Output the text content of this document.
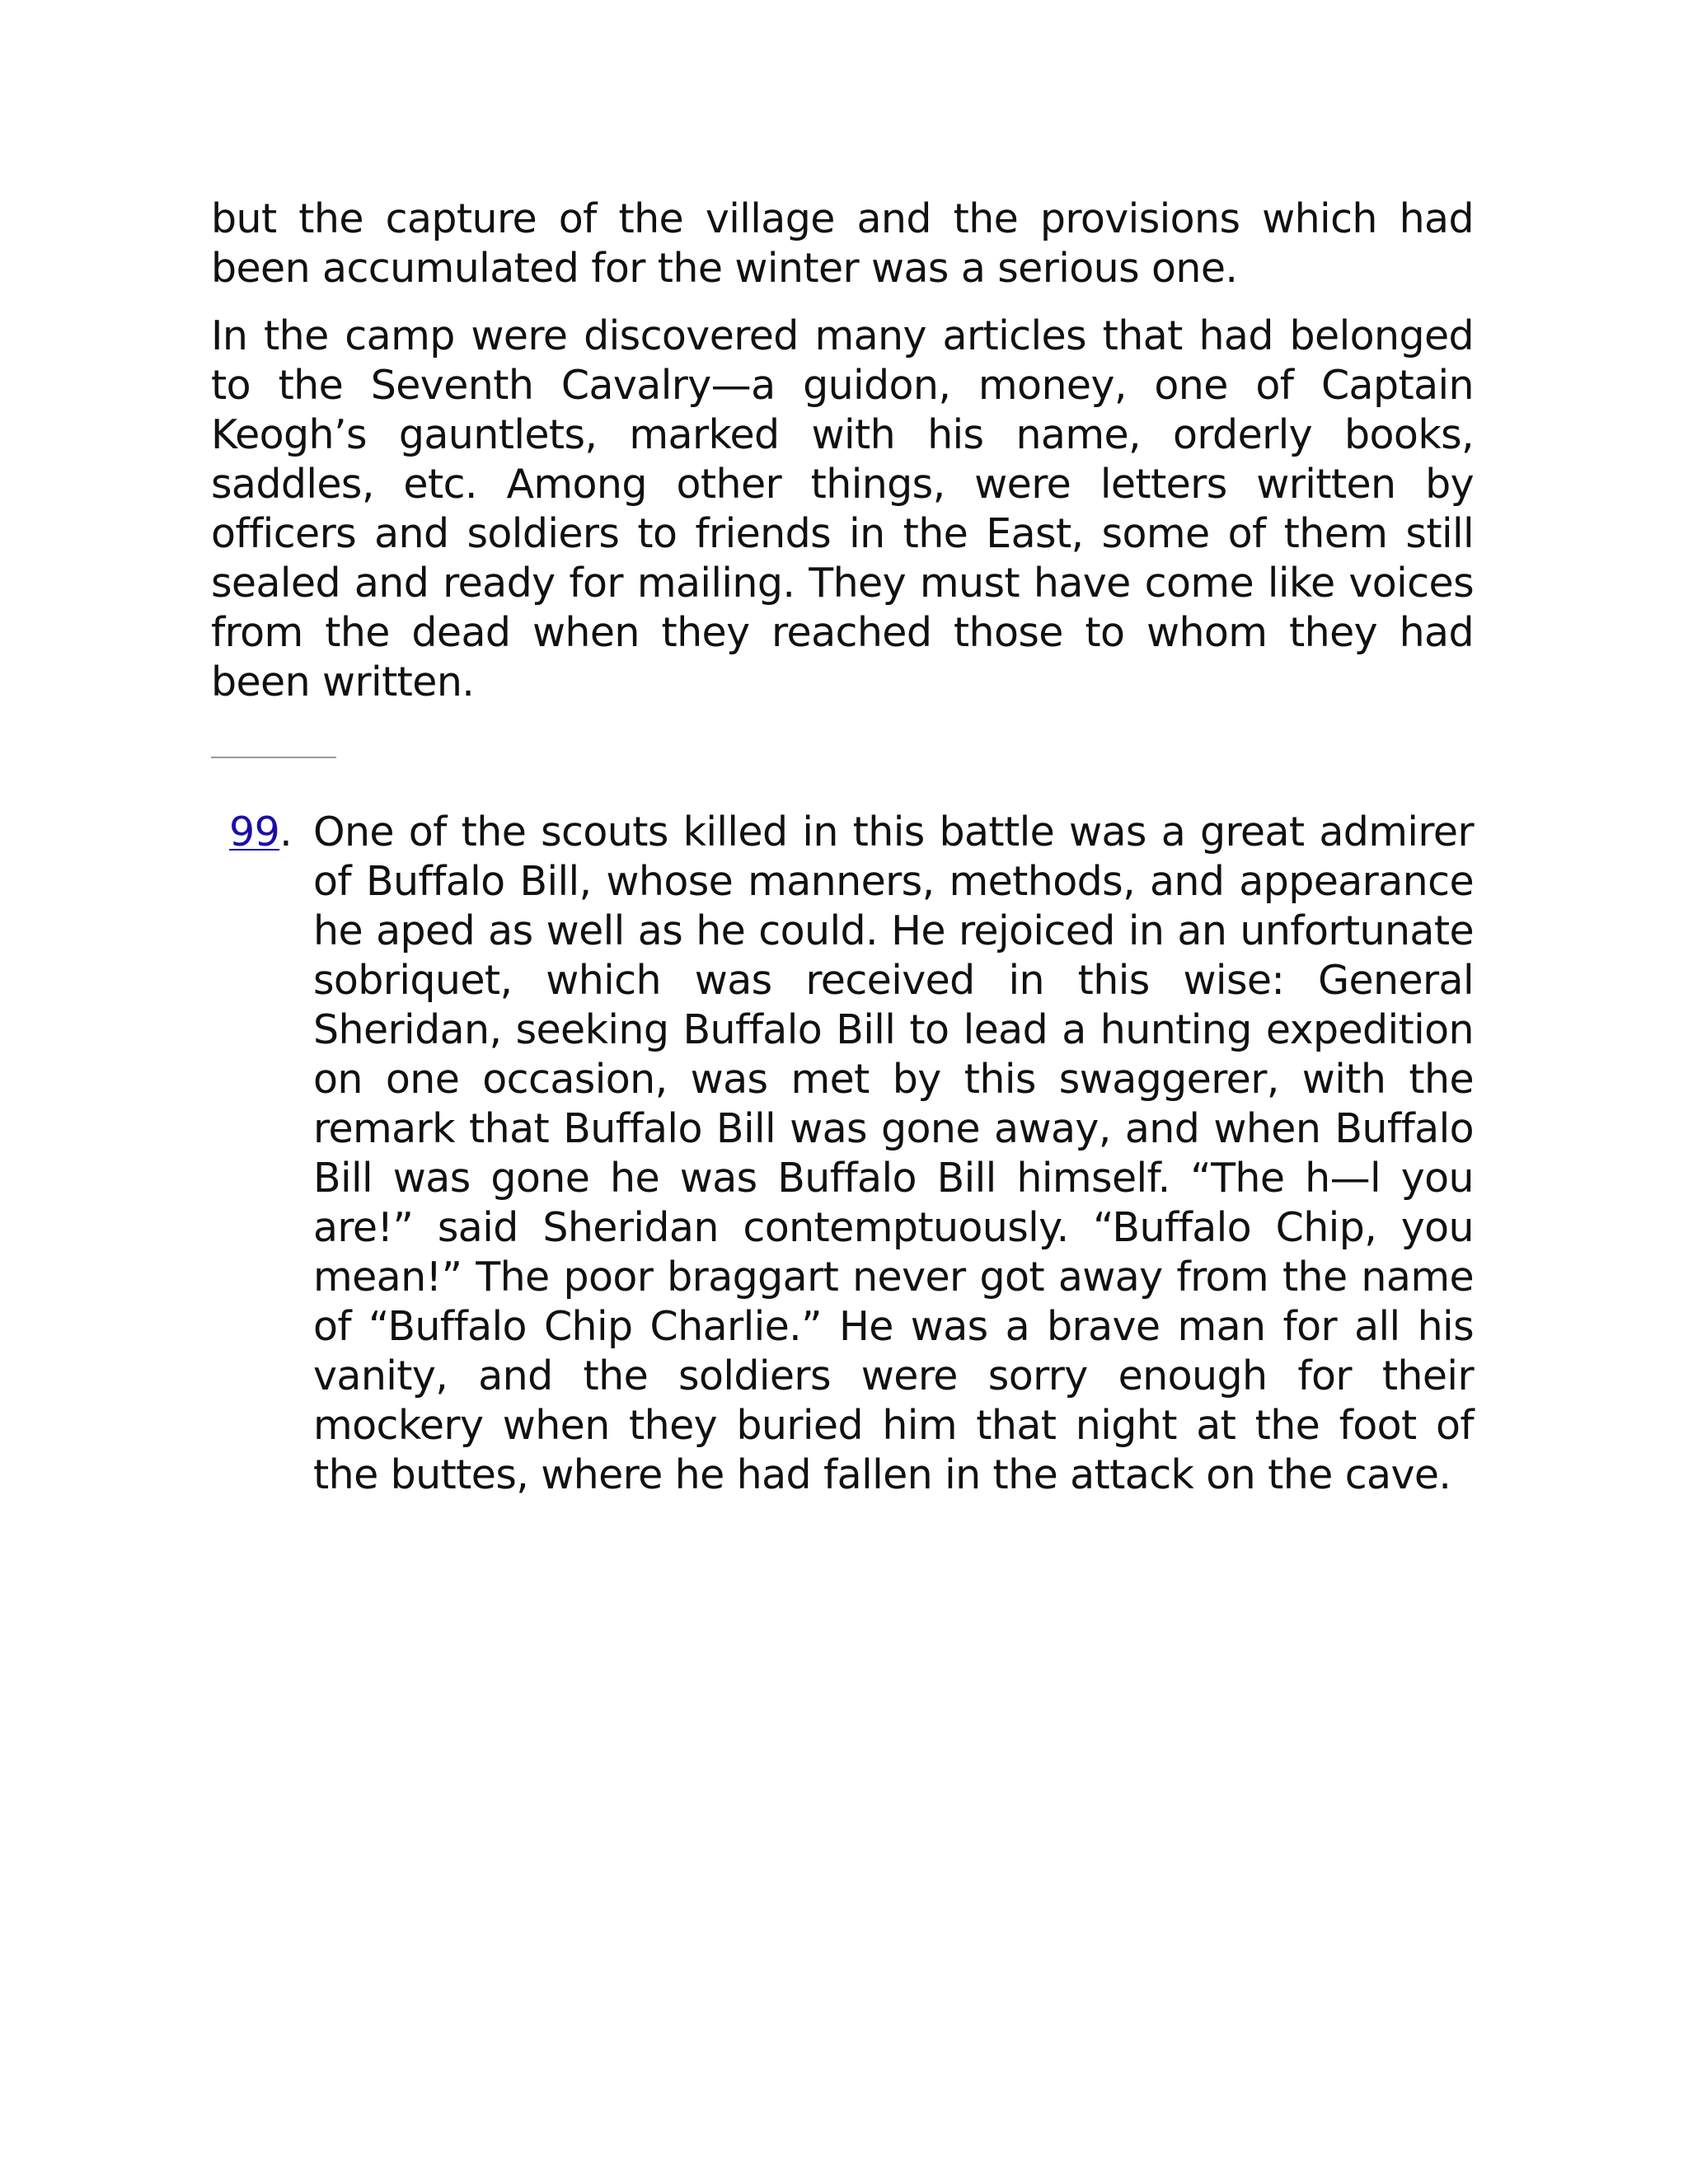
but the capture of the village and the provisions which had been accumulated for the winter was a serious one.

In the camp were discovered many articles that had belonged to the Seventh Cavalry—a guidon, money, one of Captain Keogh’s gauntlets, marked with his name, orderly books, saddles, etc. Among other things, were letters written by officers and soldiers to friends in the East, some of them still sealed and ready for mailing. They must have come like voices from the dead when they reached those to whom they had been written.

99. One of the scouts killed in this battle was a great admirer of Buffalo Bill, whose manners, methods, and appearance he aped as well as he could. He rejoiced in an unfortunate sobriquet, which was received in this wise: General Sheridan, seeking Buffalo Bill to lead a hunting expedition on one occasion, was met by this swaggerer, with the remark that Buffalo Bill was gone away, and when Buffalo Bill was gone he was Buffalo Bill himself. “The h—l you are!” said Sheridan contemptuously. “Buffalo Chip, you mean!” The poor braggart never got away from the name of “Buffalo Chip Charlie.” He was a brave man for all his vanity, and the soldiers were sorry enough for their mockery when they buried him that night at the foot of the buttes, where he had fallen in the attack on the cave.
